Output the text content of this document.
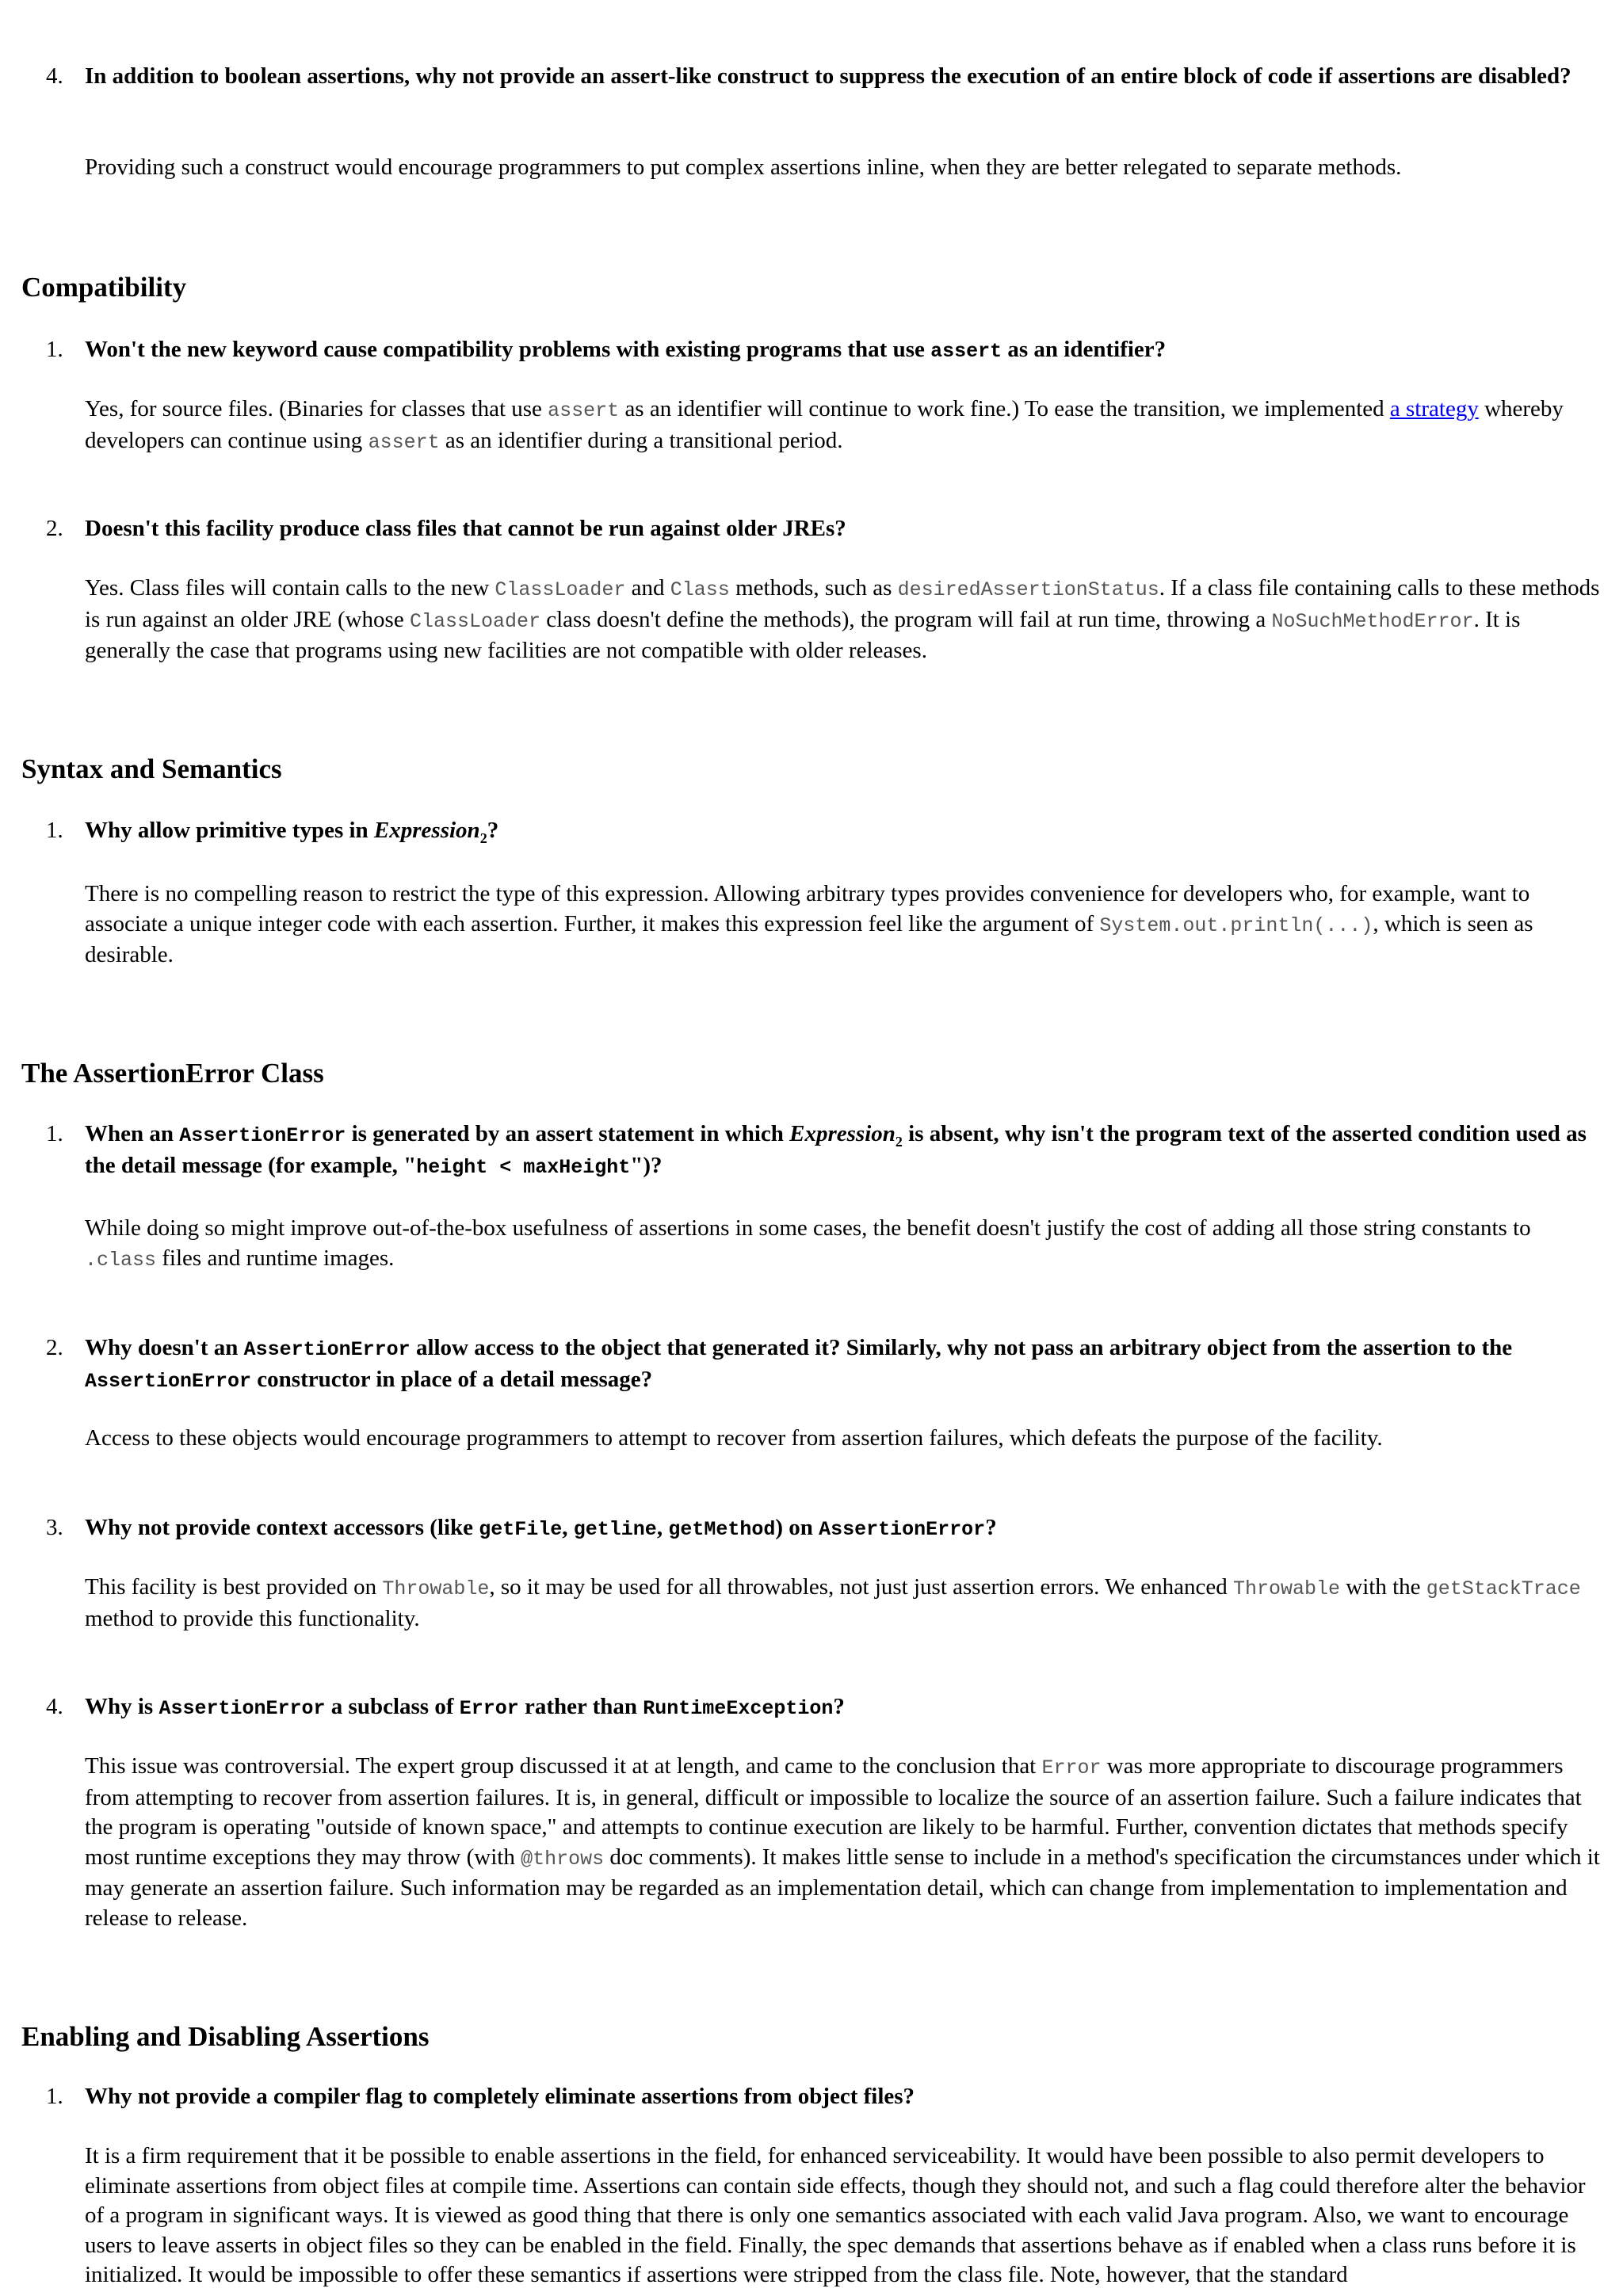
4. In addition to boolean assertions, why not provide an assert-like construct to suppress the execution of an entire block of code if assertions are disabled?

Providing such a construct would encourage programmers to put complex assertions inline, when they are better relegated to separate methods.

Compatibility
1. Won't the new keyword cause compatibility problems with existing programs that use assert as an identifier?

Yes, for source files. (Binaries for classes that use assert as an identifier will continue to work fine.) To ease the transition, we implemented a strategy whereby developers can continue using assert as an identifier during a transitional period.

2. Doesn't this facility produce class files that cannot be run against older JREs?

Yes. Class files will contain calls to the new ClassLoader and Class methods, such as desiredAssertionStatus. If a class file containing calls to these methods is run against an older JRE (whose ClassLoader class doesn't define the methods), the program will fail at run time, throwing a NoSuchMethodError. It is generally the case that programs using new facilities are not compatible with older releases.

Syntax and Semantics
1. Why allow primitive types in Expression$_2$?

There is no compelling reason to restrict the type of this expression. Allowing arbitrary types provides convenience for developers who, for example, want to associate a unique integer code with each assertion. Further, it makes this expression feel like the argument of System.out.println(...), which is seen as desirable.

The AssertionError Class
1. When an AssertionError is generated by an assert statement in which Expression$_2$ is absent, why isn't the program text of the asserted condition used as the detail message (for example, "height < maxHeight")?

While doing so might improve out-of-the-box usefulness of assertions in some cases, the benefit doesn't justify the cost of adding all those string constants to .class files and runtime images.

2. Why doesn't an AssertionError allow access to the object that generated it? Similarly, why not pass an arbitrary object from the assertion to the AssertionError constructor in place of a detail message?

Access to these objects would encourage programmers to attempt to recover from assertion failures, which defeats the purpose of the facility.

3. Why not provide context accessors (like getFile, getline, getMethod) on AssertionError?

This facility is best provided on Throwable, so it may be used for all throwables, not just just assertion errors. We enhanced Throwable with the getStackTrace method to provide this functionality.

4. Why is AssertionError a subclass of Error rather than RuntimeException?

This issue was controversial. The expert group discussed it at at length, and came to the conclusion that Error was more appropriate to discourage programmers from attempting to recover from assertion failures. It is, in general, difficult or impossible to localize the source of an assertion failure. Such a failure indicates that the program is operating "outside of known space," and attempts to continue execution are likely to be harmful. Further, convention dictates that methods specify most runtime exceptions they may throw (with @throws doc comments). It makes little sense to include in a method's specification the circumstances under which it may generate an assertion failure. Such information may be regarded as an implementation detail, which can change from implementation to implementation and release to release.

Enabling and Disabling Assertions
1. Why not provide a compiler flag to completely eliminate assertions from object files?

It is a firm requirement that it be possible to enable assertions in the field, for enhanced serviceability. It would have been possible to also permit developers to eliminate assertions from object files at compile time. Assertions can contain side effects, though they should not, and such a flag could therefore alter the behavior of a program in significant ways. It is viewed as good thing that there is only one semantics associated with each valid Java program. Also, we want to encourage users to leave asserts in object files so they can be enabled in the field. Finally, the spec demands that assertions behave as if enabled when a class runs before it is initialized. It would be impossible to offer these semantics if assertions were stripped from the class file. Note, however, that the standard
